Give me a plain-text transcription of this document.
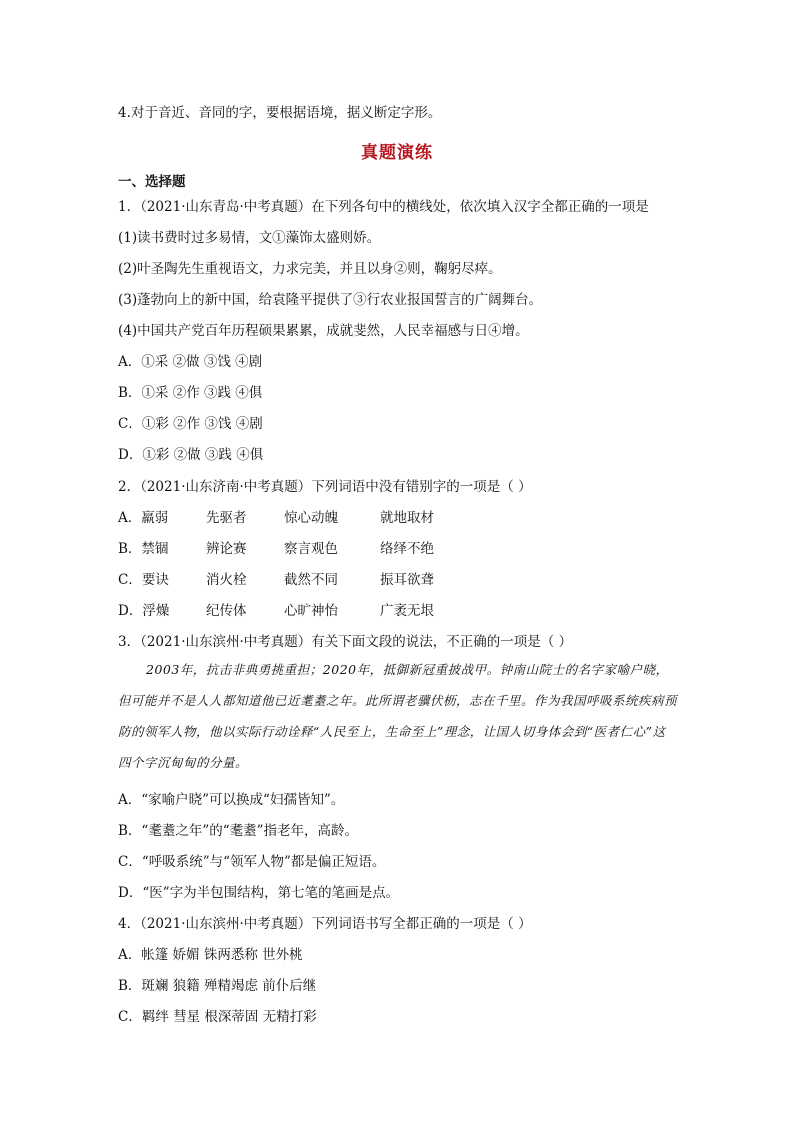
4.对于音近、音同的字，要根据语境，据义断定字形。
真题演练
一、选择题
1．（2021·山东青岛·中考真题）在下列各句中的横线处，依次填入汉字全都正确的一项是
(1)读书费时过多易情，文①藻饰太盛则娇。
(2)叶圣陶先生重视语文，力求完美，并且以身②则，鞠躬尽瘁。
(3)蓬勃向上的新中国，给袁隆平提供了③行农业报国誓言的广阔舞台。
(4)中国共产党百年历程硕果累累，成就斐然，人民幸福感与日④增。
A．①采 ②做 ③饯 ④剧
B．①采 ②作 ③践 ④俱
C．①彩 ②作 ③饯 ④剧
D．①彩 ②做 ③践 ④俱
2．（2021·山东济南·中考真题）下列词语中没有错别字的一项是（ ）
A．羸弱	先驱者	惊心动魄	就地取材
B．禁锢	辨论赛	察言观色	络绎不绝
C．要诀	消火栓	截然不同	振耳欲聋
D．浮燥	纪传体	心旷神怡	广袤无垠
3．（2021·山东滨州·中考真题）有关下面文段的说法，不正确的一项是（ ）
2003年，抗击非典勇挑重担；2020年，抵御新冠重披战甲。钟南山院士的名字家喻户晓，但可能并不是人人都知道他已近耄耋之年。此所谓老骥伏枥，志在千里。作为我国呼吸系统疾病预防的领军人物，他以实际行动诠释“人民至上，生命至上”理念，让国人切身体会到“医者仁心”这四个字沉甸甸的分量。
A．“家喻户晓”可以换成“妇孺皆知”。
B．“耄耋之年”的“耄耋”指老年，高龄。
C．“呼吸系统”与“领军人物”都是偏正短语。
D．“医”字为半包围结构，第七笔的笔画是点。
4．（2021·山东滨州·中考真题）下列词语书写全都正确的一项是（ ）
A．帐篷 娇媚 铢两悉称 世外桃
B．斑斓 狼籍 殚精竭虑 前仆后继
C．羁绊 彗星 根深蒂固 无精打彩
